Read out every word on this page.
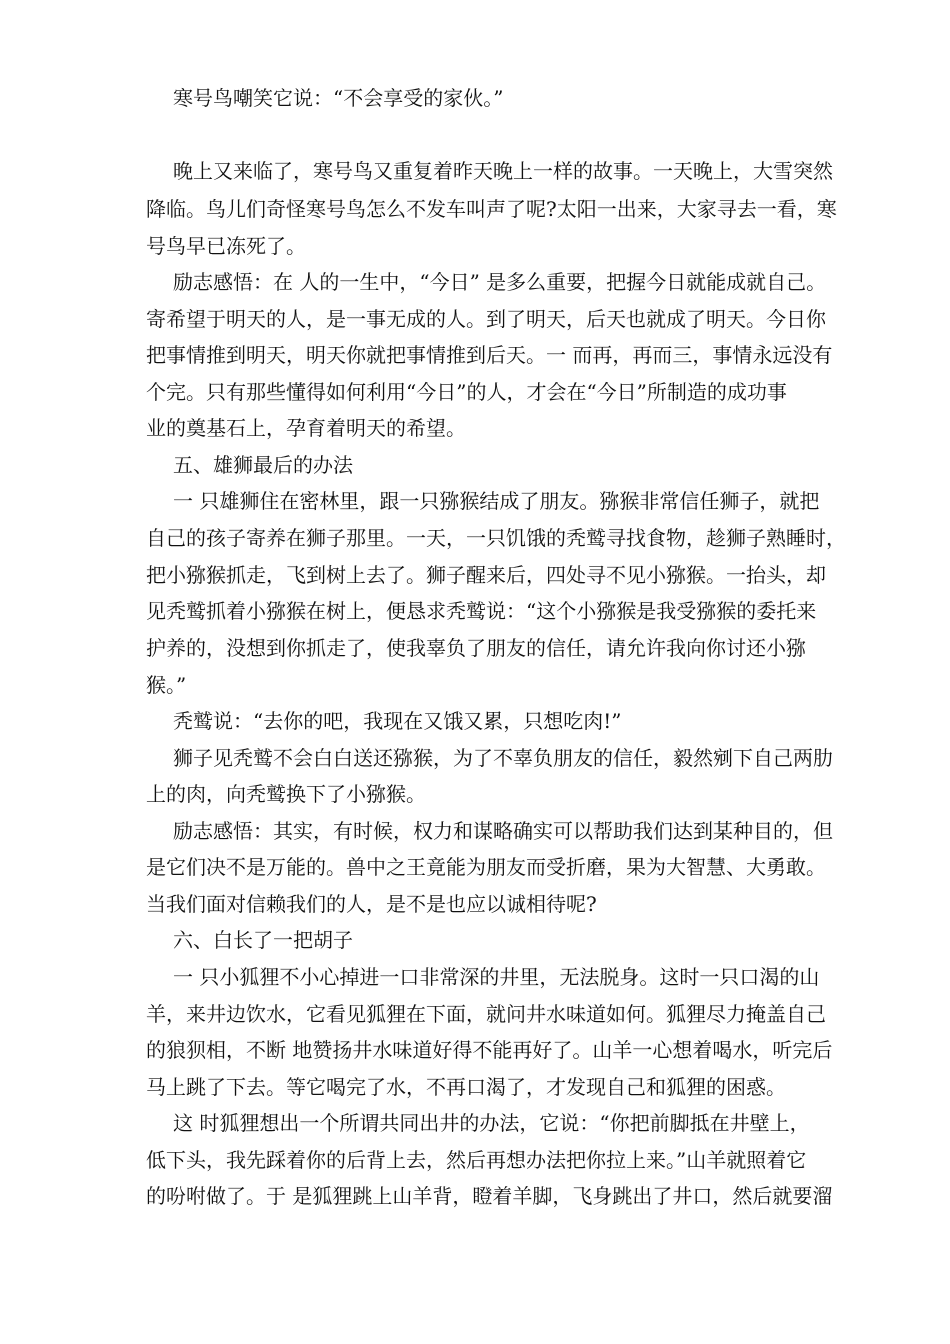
寒号鸟嘲笑它说：“不会享受的家伙。”
晚上又来临了，寒号鸟又重复着昨天晚上一样的故事。一天晚上，大雪突然
降临。鸟儿们奇怪寒号鸟怎么不发车叫声了呢?太阳一出来，大家寻去一看，寒
号鸟早已冻死了。
励志感悟：在 人的一生中，“今日” 是多么重要，把握今日就能成就自己。
寄希望于明天的人，是一事无成的人。到了明天，后天也就成了明天。今日你
把事情推到明天，明天你就把事情推到后天。一 而再，再而三，事情永远没有
个完。只有那些懂得如何利用“今日”的人，才会在“今日”所制造的成功事
业的奠基石上，孕育着明天的希望。
五、雄狮最后的办法
一 只雄狮住在密林里，跟一只猕猴结成了朋友。猕猴非常信任狮子，就把
自己的孩子寄养在狮子那里。一天，一只饥饿的秃鹫寻找食物，趁狮子熟睡时，
把小猕猴抓走，飞到树上去了。狮子醒来后，四处寻不见小猕猴。一抬头，却
见秃鹫抓着小猕猴在树上，便恳求秃鹫说：“这个小猕猴是我受猕猴的委托来
护养的，没想到你抓走了，使我辜负了朋友的信任，请允许我向你讨还小猕
猴。”
秃鹫说：“去你的吧，我现在又饿又累，只想吃肉!”
狮子见秃鹫不会白白送还猕猴，为了不辜负朋友的信任，毅然剜下自己两肋
上的肉，向秃鹫换下了小猕猴。
励志感悟：其实，有时候，权力和谋略确实可以帮助我们达到某种目的，但
是它们决不是万能的。兽中之王竟能为朋友而受折磨，果为大智慧、大勇敢。
当我们面对信赖我们的人，是不是也应以诚相待呢?
六、白长了一把胡子
一 只小狐狸不小心掉进一口非常深的井里，无法脱身。这时一只口渴的山
羊，来井边饮水，它看见狐狸在下面，就问井水味道如何。狐狸尽力掩盖自己
的狼狈相，不断 地赞扬井水味道好得不能再好了。山羊一心想着喝水，听完后
马上跳了下去。等它喝完了水，不再口渴了，才发现自己和狐狸的困惑。
这 时狐狸想出一个所谓共同出井的办法，它说：“你把前脚抵在井壁上，
低下头，我先踩着你的后背上去，然后再想办法把你拉上来。”山羊就照着它
的吩咐做了。于 是狐狸跳上山羊背，瞪着羊脚，飞身跳出了井口，然后就要溜
